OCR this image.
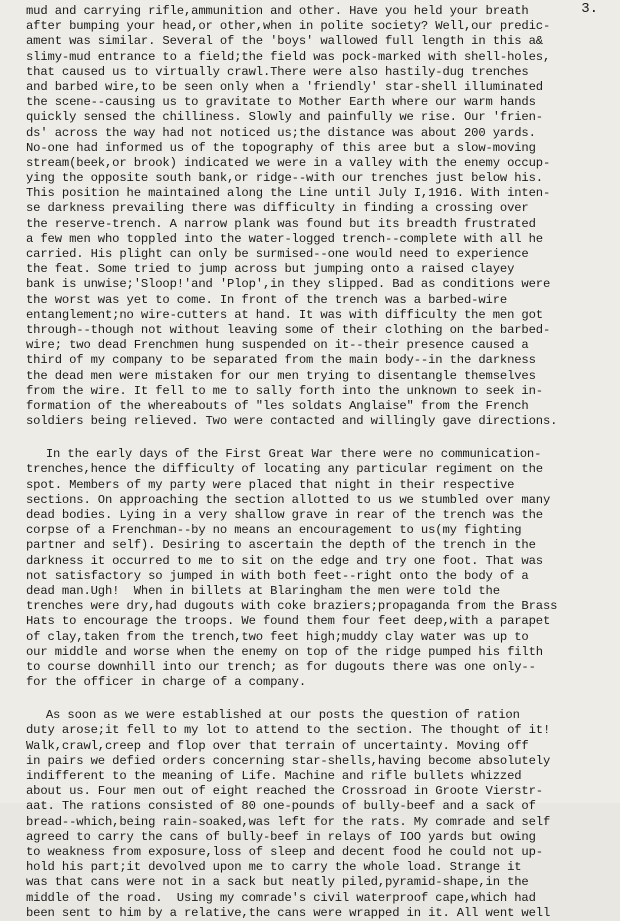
3.
mud and carrying rifle,ammunition and other. Have you held your breath
after bumping your head,or other,when in polite society? Well,our predic-
ament was similar. Several of the 'boys' wallowed full length in this a&
slimy-mud entrance to a field;the field was pock-marked with shell-holes,
that caused us to virtually crawl.There were also hastily-dug trenches
and barbed wire,to be seen only when a 'friendly' star-shell illuminated
the scene--causing us to gravitate to Mother Earth where our warm hands
quickly sensed the chilliness. Slowly and painfully we rise. Our 'frien-
ds' across the way had not noticed us;the distance was about 200 yards.
No-one had informed us of the topography of this aree but a slow-moving
stream(beek,or brook) indicated we were in a valley with the enemy occup-
ying the opposite south bank,or ridge--with our trenches just below his.
This position he maintained along the Line until July I,1916. With inten-
se darkness prevailing there was difficulty in finding a crossing over
the reserve-trench. A narrow plank was found but its breadth frustrated
a few men who toppled into the water-logged trench--complete with all he
carried. His plight can only be surmised--one would need to experience
the feat. Some tried to jump across but jumping onto a raised clayey
bank is unwise;'Sloop!'and 'Plop',in they slipped. Bad as conditions were
the worst was yet to come. In front of the trench was a barbed-wire
entanglement;no wire-cutters at hand. It was with difficulty the men got
through--though not without leaving some of their clothing on the barbed-
wire; two dead Frenchmen hung suspended on it--their presence caused a
third of my company to be separated from the main body--in the darkness
the dead men were mistaken for our men trying to disentangle themselves
from the wire. It fell to me to sally forth into the unknown to seek in-
formation of the whereabouts of "les soldats Anglaise" from the French
soldiers being relieved. Two were contacted and willingly gave directions.
In the early days of the First Great War there were no communication-
trenches,hence the difficulty of locating any particular regiment on the
spot. Members of my party were placed that night in their respective
sections. On approaching the section allotted to us we stumbled over many
dead bodies. Lying in a very shallow grave in rear of the trench was the
corpse of a Frenchman--by no means an encouragement to us(my fighting
partner and self). Desiring to ascertain the depth of the trench in the
darkness it occurred to me to sit on the edge and try one foot. That was
not satisfactory so jumped in with both feet--right onto the body of a
dead man.Ugh!  When in billets at Blaringham the men were told the
trenches were dry,had dugouts with coke braziers;propaganda from the Brass
Hats to encourage the troops. We found them four feet deep,with a parapet
of clay,taken from the trench,two feet high;muddy clay water was up to
our middle and worse when the enemy on top of the ridge pumped his filth
to course downhill into our trench; as for dugouts there was one only--
for the officer in charge of a company.
As soon as we were established at our posts the question of ration
duty arose;it fell to my lot to attend to the section. The thought of it!
Walk,crawl,creep and flop over that terrain of uncertainty. Moving off
in pairs we defied orders concerning star-shells,having become absolutely
indifferent to the meaning of Life. Machine and rifle bullets whizzed
about us. Four men out of eight reached the Crossroad in Groote Vierstr-
aat. The rations consisted of 80 one-pounds of bully-beef and a sack of
bread--which,being rain-soaked,was left for the rats. My comrade and self
agreed to carry the cans of bully-beef in relays of IOO yards but owing
to weakness from exposure,loss of sleep and decent food he could not up-
hold his part;it devolved upon me to carry the whole load. Strange it
was that cans were not in a sack but neatly piled,pyramid-shape,in the
middle of the road.  Using my comrade's civil waterproof cape,which had
been sent to him by a relative,the cans were wrapped in it. All went well
